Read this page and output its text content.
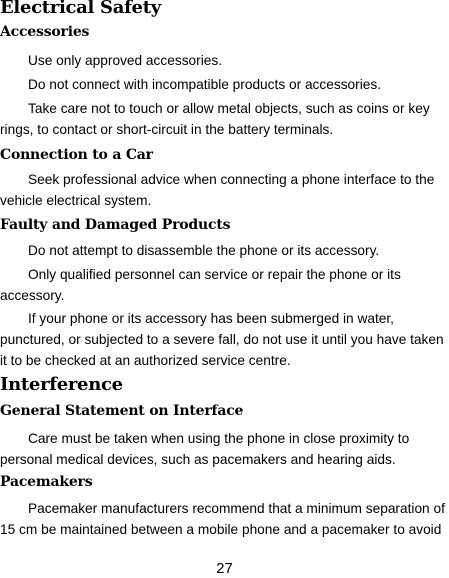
Electrical Safety
Accessories

Use only approved accessories.

Do not connect with incompatible products or accessories.

Take care not to touch or allow metal objects, such as coins or key rings, to contact or short-circuit in the battery terminals.

Connection to a Car

Seek professional advice when connecting a phone interface to the vehicle electrical system.

Faulty and Damaged Products

Do not attempt to disassemble the phone or its accessory.

Only qualified personnel can service or repair the phone or its accessory.

If your phone or its accessory has been submerged in water, punctured, or subjected to a severe fall, do not use it until you have taken it to be checked at an authorized service centre.

Interference
General Statement on Interface

Care must be taken when using the phone in close proximity to personal medical devices, such as pacemakers and hearing aids.

Pacemakers

Pacemaker manufacturers recommend that a minimum separation of 15 cm be maintained between a mobile phone and a pacemaker to avoid

27
